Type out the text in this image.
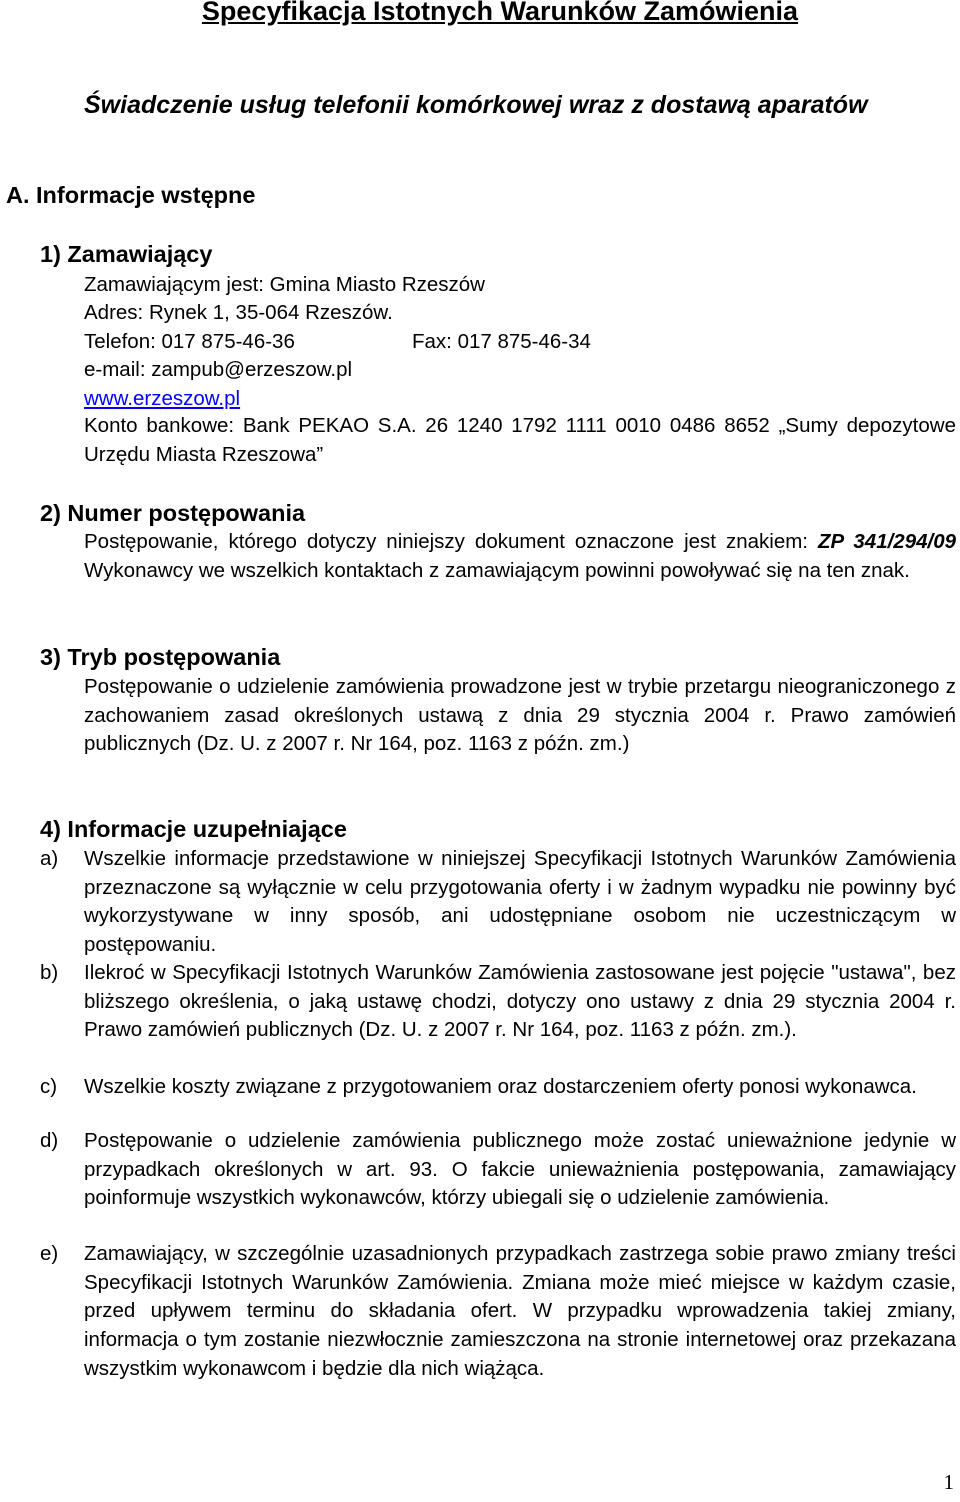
Specyfikacja Istotnych Warunków Zamówienia
Świadczenie usług telefonii komórkowej wraz z dostawą aparatów
A. Informacje wstępne
1) Zamawiający
Zamawiającym jest: Gmina Miasto Rzeszów
Adres: Rynek 1, 35-064 Rzeszów.
Telefon: 017 875-46-36	Fax: 017 875-46-34
e-mail: zampub@erzeszow.pl
www.erzeszow.pl
Konto bankowe: Bank PEKAO S.A. 26 1240 1792 1111 0010 0486 8652 „Sumy depozytowe Urzędu Miasta Rzeszowa”
2) Numer postępowania
Postępowanie, którego dotyczy niniejszy dokument oznaczone jest znakiem: ZP 341/294/09 Wykonawcy we wszelkich kontaktach z zamawiającym powinni powoływać się na ten znak.
3) Tryb postępowania
Postępowanie o udzielenie zamówienia prowadzone jest w trybie przetargu nieograniczonego z zachowaniem zasad określonych ustawą z dnia 29 stycznia 2004 r. Prawo zamówień publicznych (Dz. U. z 2007 r. Nr 164, poz. 1163 z późn. zm.)
4) Informacje uzupełniające
a) Wszelkie informacje przedstawione w niniejszej Specyfikacji Istotnych Warunków Zamówienia przeznaczone są wyłącznie w celu przygotowania oferty i w żadnym wypadku nie powinny być wykorzystywane w inny sposób, ani udostępniane osobom nie uczestniczącym w postępowaniu.
b) Ilekroć w Specyfikacji Istotnych Warunków Zamówienia zastosowane jest pojęcie "ustawa", bez bliższego określenia, o jaką ustawę chodzi, dotyczy ono ustawy z dnia 29 stycznia 2004 r. Prawo zamówień publicznych (Dz. U. z 2007 r. Nr 164, poz. 1163 z późn. zm.).
c) Wszelkie koszty związane z przygotowaniem oraz dostarczeniem oferty ponosi wykonawca.
d) Postępowanie o udzielenie zamówienia publicznego może zostać unieważnione jedynie w przypadkach określonych w art. 93. O fakcie unieważnienia postępowania, zamawiający poinformuje wszystkich wykonawców, którzy ubiegali się o udzielenie zamówienia.
e) Zamawiający, w szczególnie uzasadnionych przypadkach zastrzega sobie prawo zmiany treści Specyfikacji Istotnych Warunków Zamówienia. Zmiana może mieć miejsce w każdym czasie, przed upływem terminu do składania ofert. W przypadku wprowadzenia takiej zmiany, informacja o tym zostanie niezwłocznie zamieszczona na stronie internetowej oraz przekazana wszystkim wykonawcom i będzie dla nich wiążąca.
1
